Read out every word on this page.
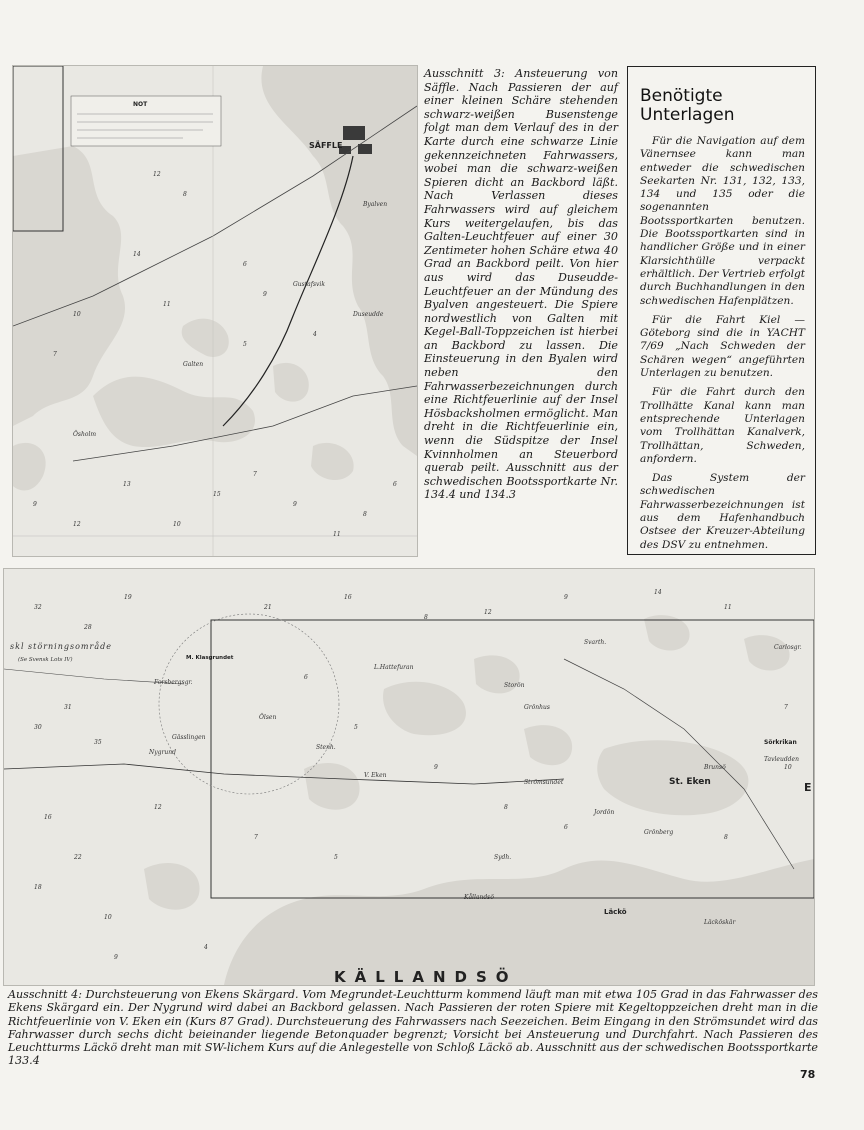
NOT
12
8
14
6
9
11
10
7
5
4
13
15
9
8
12	10
7
6
9
11
SÄFFLE
Gustafsvik
Ösholm
Galten
Duseudde
Byalven
Ausschnitt 3: Ansteuerung von Säffle. Nach Passieren der auf einer kleinen Schäre stehenden schwarz-weißen Busenstenge folgt man dem Verlauf des in der Karte durch eine schwarze Linie gekennzeichneten Fahrwassers, wobei man die schwarz-weißen Spieren dicht an Backbord läßt. Nach Verlassen dieses Fahrwassers wird auf gleichem Kurs weitergelaufen, bis das Galten-Leuchtfeuer auf einer 30 Zentimeter hohen Schäre etwa 40 Grad an Backbord peilt. Von hier aus wird das Duseudde-Leuchtfeuer an der Mündung des Byalven angesteuert. Die Spiere nordwestlich von Galten mit Kegel-Ball-Toppzeichen ist hierbei an Backbord zu lassen. Die Einsteuerung in den Byalen wird neben den Fahrwasserbezeichnungen durch eine Richtfeuerlinie auf der Insel Hösbacksholmen ermöglicht. Man dreht in die Richtfeuerlinie ein, wenn die Südspitze der Insel Kvinnholmen an Steuerbord querab peilt. Ausschnitt aus der schwedischen Bootssportkarte Nr. 134.4 und 134.3
Benötigte Unterlagen

Für die Navigation auf dem Vänernsee kann man entweder die schwedischen Seekarten Nr. 131, 132, 133, 134 und 135 oder die sogenannten Bootssportkarten benutzen. Die Bootssportkarten sind in handlicher Größe und in einer Klarsichthülle verpackt erhältlich. Der Vertrieb erfolgt durch Buchhandlungen in den schwedischen Hafenplätzen.

Für die Fahrt Kiel — Göteborg sind die in YACHT 7/69 „Nach Schweden der Schären wegen“ angeführten Unterlagen zu benutzen.

Für die Fahrt durch den Trollhätte Kanal kann man entsprechende Unterlagen vom Trollhättan Kanalverk, Trollhättan, Schweden, anfordern.

Das System der schwedischen Fahrwasserbezeichnungen ist aus dem Hafenhandbuch Ostsee der Kreuzer-Abteilung des DSV zu entnehmen.

32
28
19
31
30
35
16
22
18
10
21
16
8
12
9
14
11
7
6
5
9
8
6
7
5
10
8
12
4
9
KÄLLANDSÖ
St. Eken
Läckö
M. Klasgrundet
Nygrund
Gässlingen
Ölsen
Stenh.
V. Eken
Strömsundet
Grönhus
Sörkrikan
Läcköskär
Carlosgr.
Grönberg
Kållandsö
Jordön
L.Hattefuran
Storön
Forsbergsgr.
Tavleudden
Brunsö
Svarth.
Sydh.
skl störningsområde
(Se Svensk Lots IV)
E
Ausschnitt 4: Durchsteuerung von Ekens Skärgard. Vom Megrundet-Leuchtturm kommend läuft man mit etwa 105 Grad in das Fahrwasser des Ekens Skärgard ein. Der Nygrund wird dabei an Backbord gelassen. Nach Passieren der roten Spiere mit Kegeltoppzeichen dreht man in die Richtfeuerlinie von V. Eken ein (Kurs 87 Grad). Durchsteuerung des Fahrwassers nach Seezeichen. Beim Eingang in den Strömsundet wird das Fahrwasser durch sechs dicht beieinander liegende Betonquader begrenzt; Vorsicht bei Ansteuerung und Durchfahrt. Nach Passieren des Leuchtturms Läckö dreht man mit SW-lichem Kurs auf die Anlegestelle von Schloß Läckö ab. Ausschnitt aus der schwedischen Bootssportkarte 133.4
78
